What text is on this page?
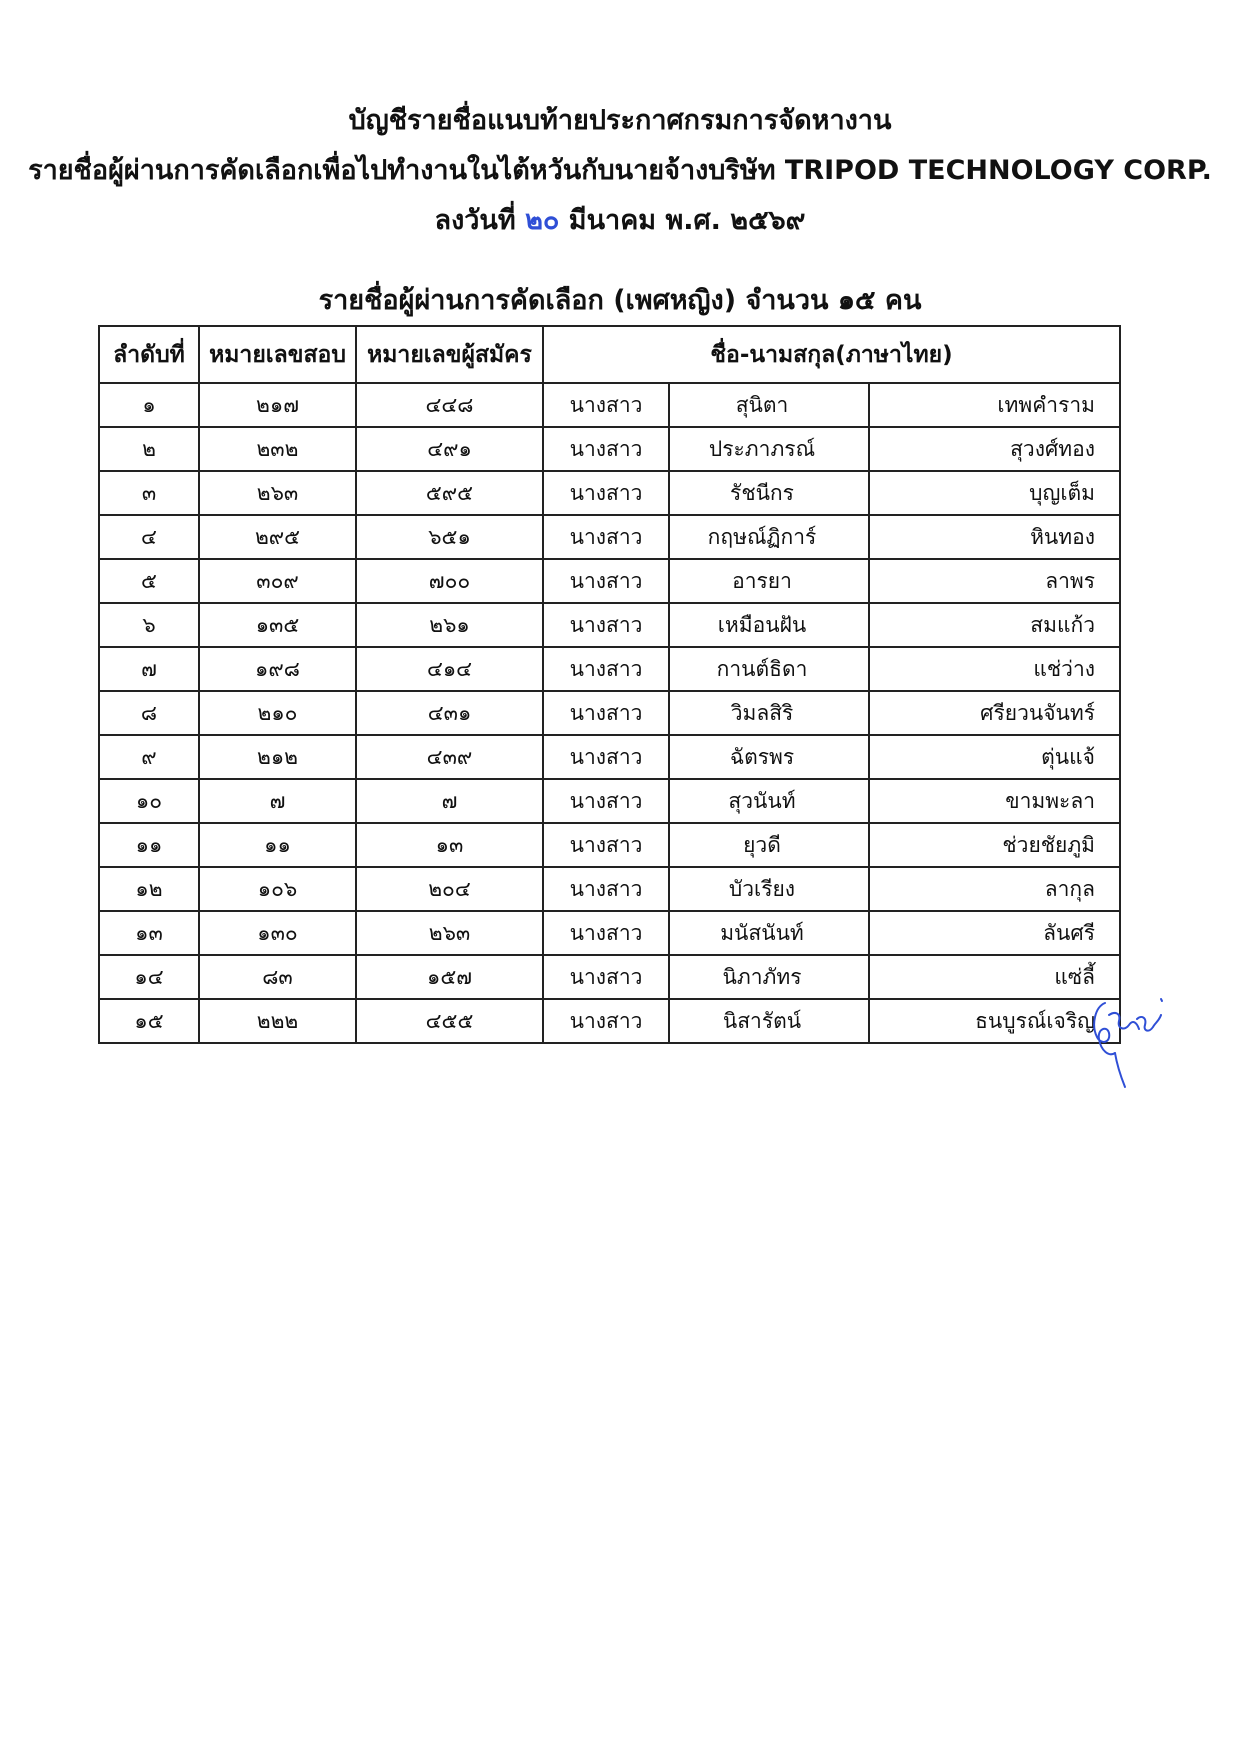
บัญชีรายชื่อแนบท้ายประกาศกรมการจัดหางาน
รายชื่อผู้ผ่านการคัดเลือกเพื่อไปทำงานในไต้หวันกับนายจ้างบริษัท TRIPOD TECHNOLOGY CORP.
ลงวันที่ ๒๐ มีนาคม พ.ศ. ๒๕๖๙
รายชื่อผู้ผ่านการคัดเลือก (เพศหญิง) จำนวน ๑๕ คน
ลำดับที่	หมายเลขสอบ	หมายเลขผู้สมัคร	ชื่อ-นามสกุล(ภาษาไทย)		
๑	๒๑๗	๔๔๘	นางสาว	สุนิตา	เทพคำราม
๒	๒๓๒	๔๙๑	นางสาว	ประภาภรณ์	สุวงศ์ทอง
๓	๒๖๓	๕๙๕	นางสาว	รัชนีกร	บุญเต็ม
๔	๒๙๕	๖๕๑	นางสาว	กฤษณ์ฏิการ์	หินทอง
๕	๓๐๙	๗๐๐	นางสาว	อารยา	ลาพร
๖	๑๓๕	๒๖๑	นางสาว	เหมือนฝัน	สมแก้ว
๗	๑๙๘	๔๑๔	นางสาว	กานต์ธิดา	แช่ว่าง
๘	๒๑๐	๔๓๑	นางสาว	วิมลสิริ	ศรียวนจันทร์
๙	๒๑๒	๔๓๙	นางสาว	ฉัตรพร	ตุ่นแจ้
๑๐	๗	๗	นางสาว	สุวนันท์	ขามพะลา
๑๑	๑๑	๑๓	นางสาว	ยุวดี	ช่วยชัยภูมิ
๑๒	๑๐๖	๒๐๔	นางสาว	บัวเรียง	ลากุล
๑๓	๑๓๐	๒๖๓	นางสาว	มนัสนันท์	ลันศรี
๑๔	๘๓	๑๕๗	นางสาว	นิภาภัทร	แซ่ลี้
๑๕	๒๒๒	๔๕๕	นางสาว	นิสารัตน์	ธนบูรณ์เจริญ
